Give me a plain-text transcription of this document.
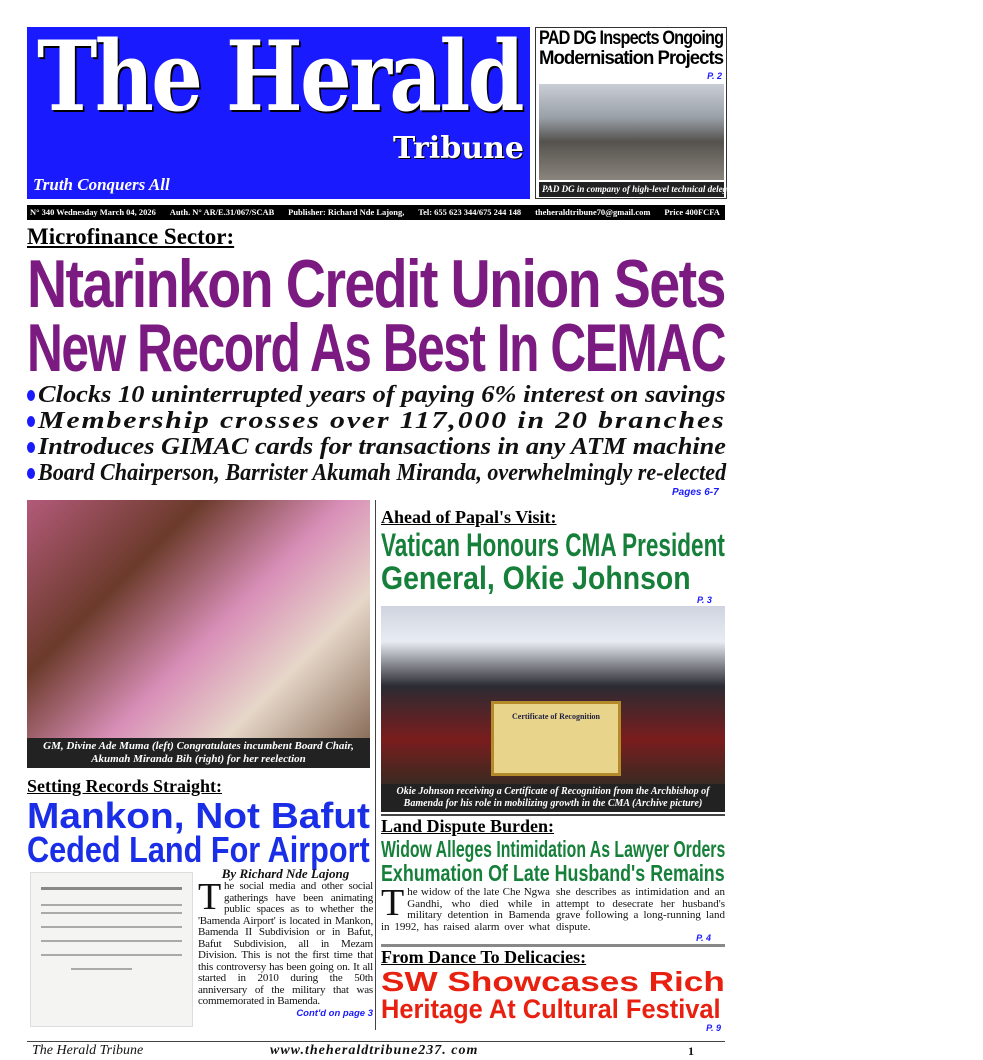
The Herald
Tribune
Truth Conquers All
PAD DG Inspects Ongoing
Modernisation Projects
P. 2
PAD DG in company of high-level technical delegation
N° 340 Wednesday March 04, 2026 Auth. N° AR/E.31/067/SCAB Publisher: Richard Nde Lajong, Tel: 655 623 344/675 244 148 theheraldtribune70@gmail.com Price 400FCFA
Microfinance Sector:
Ntarinkon Credit Union Sets
New Record As Best In CEMAC
Clocks 10 uninterrupted years of paying 6% interest on savings
Membership crosses over 117,000 in 20 branches
Introduces GIMAC cards for transactions in any ATM machine
Board Chairperson, Barrister Akumah Miranda, overwhelmingly re-elected
Pages 6-7
GM, Divine Ade Muma (left) Congratulates incumbent Board Chair, Akumah Miranda Bih (right) for her reelection
Ahead of Papal's Visit:
Vatican Honours CMA President
General, Okie Johnson
P. 3
Certificate of Recognition
Okie Johnson receiving a Certificate of Recognition from the Archbishop of Bamenda for his role in mobilizing growth in the CMA (Archive picture)
Land Dispute Burden:
Widow Alleges Intimidation As Lawyer Orders
Exhumation Of Late Husband's Remains
The widow of the late Che Ngwa Gandhi, who died while in military detention in Bamenda in 1992, has raised alarm over what she describes as intimidation and an attempt to desecrate her husband's grave following a long-running land dispute.
P. 4
From Dance To Delicacies:
SW Showcases Rich
Heritage At Cultural Festival
P. 9
Setting Records Straight:
Mankon, Not Bafut
Ceded Land For Airport
By Richard Nde Lajong
The social media and other social gatherings have been animating public spaces as to whether the 'Bamenda Airport' is located in Mankon, Bamenda II Subdivision or in Bafut, Bafut Subdivision, all in Mezam Division. This is not the first time that this controversy has been going on. It all started in 2010 during the 50th anniversary of the military that was commemorated in Bamenda.
Cont'd on page 3
The Herald Tribune	www.theheraldtribune237. com	1
